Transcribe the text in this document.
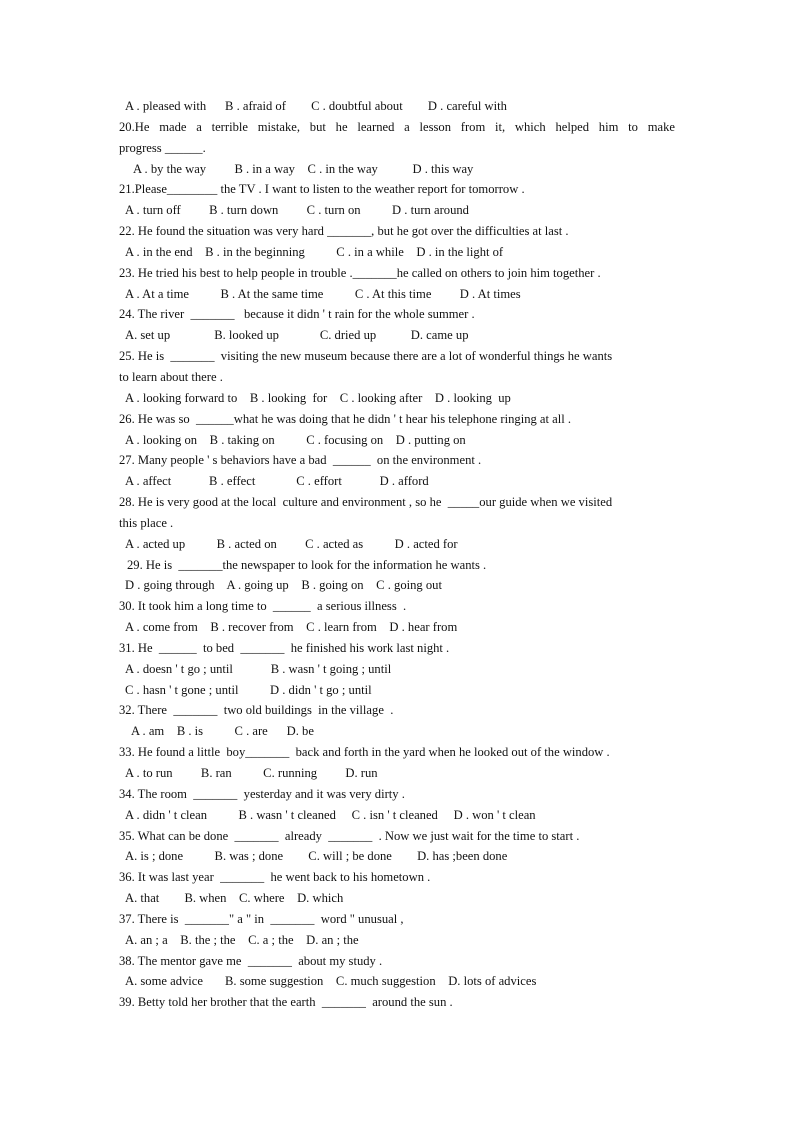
A . pleased with      B . afraid of        C . doubtful about        D . careful with
20.He made a terrible mistake, but he learned a lesson from it, which helped him to make
progress ______.
A . by the way         B . in a way    C . in the way           D . this way
21.Please________ the TV . I want to listen to the weather report for tomorrow .
A . turn off         B . turn down         C . turn on          D . turn around
22. He found the situation was very hard _______, but he got over the difficulties at last .
A . in the end    B . in the beginning          C . in a while    D . in the light of
23. He tried his best to help people in trouble ._______he called on others to join him together .
A . At a time          B . At the same time          C . At this time         D . At times
24. The river  _______   because it didn ' t rain for the whole summer .
A. set up              B. looked up             C. dried up           D. came up
25. He is  _______  visiting the new museum because there are a lot of wonderful things he wants
to learn about there .
A . looking forward to    B . looking  for    C . looking after    D . looking  up
26. He was so  ______what he was doing that he didn ' t hear his telephone ringing at all .
A . looking on    B . taking on          C . focusing on    D . putting on
27. Many people ' s behaviors have a bad  ______  on the environment .
A . affect            B . effect             C . effort            D . afford
28. He is very good at the local  culture and environment , so he  _____our guide when we visited
this place .
A . acted up          B . acted on         C . acted as          D . acted for
29. He is  _______the newspaper to look for the information he wants .
D . going through    A . going up    B . going on    C . going out
30. It took him a long time to  ______  a serious illness  .
A . come from    B . recover from    C . learn from    D . hear from
31. He  ______  to bed  _______  he finished his work last night .
A . doesn ' t go ; until            B . wasn ' t going ; until
C . hasn ' t gone ; until          D . didn ' t go ; until
32. There  _______  two old buildings  in the village  .
A . am    B . is          C . are      D. be
33. He found a little  boy_______  back and forth in the yard when he looked out of the window .
A . to run         B. ran          C. running         D. run
34. The room  _______  yesterday and it was very dirty .
A . didn ' t clean          B . wasn ' t cleaned     C . isn ' t cleaned     D . won ' t clean
35. What can be done  _______  already  _______  . Now we just wait for the time to start .
A. is ; done          B. was ; done        C. will ; be done        D. has ;been done
36. It was last year  _______  he went back to his hometown .
A. that        B. when    C. where    D. which
37. There is  _______" a " in  _______  word " unusual ,
A. an ; a    B. the ; the    C. a ; the    D. an ; the
38. The mentor gave me  _______  about my study .
A. some advice       B. some suggestion    C. much suggestion    D. lots of advices
39. Betty told her brother that the earth  _______  around the sun .
